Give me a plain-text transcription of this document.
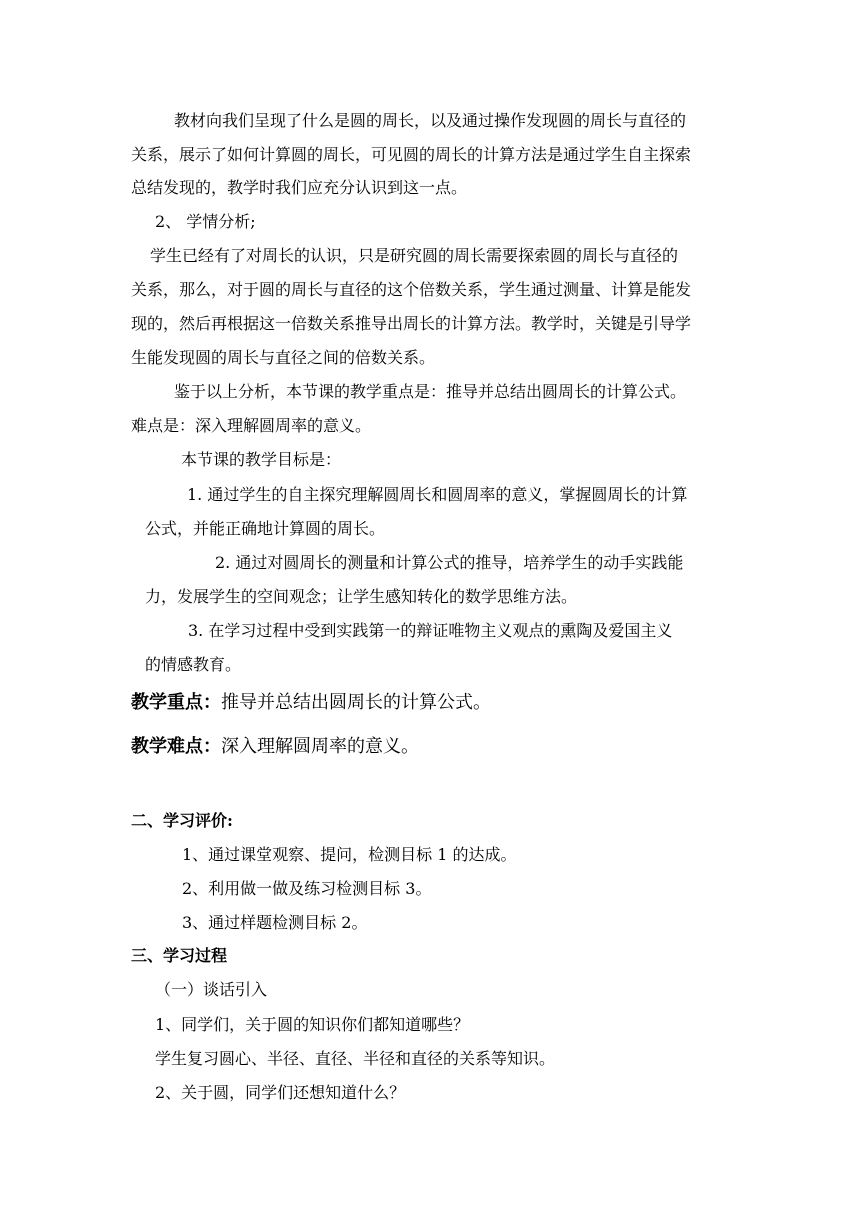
教材向我们呈现了什么是圆的周长，以及通过操作发现圆的周长与直径的
关系，展示了如何计算圆的周长，可见圆的周长的计算方法是通过学生自主探索
总结发现的，教学时我们应充分认识到这一点。
2、 学情分析;
学生已经有了对周长的认识，只是研究圆的周长需要探索圆的周长与直径的
关系，那么，对于圆的周长与直径的这个倍数关系，学生通过测量、计算是能发
现的，然后再根据这一倍数关系推导出周长的计算方法。教学时，关键是引导学
生能发现圆的周长与直径之间的倍数关系。
鉴于以上分析，本节课的教学重点是：推导并总结出圆周长的计算公式。
难点是：深入理解圆周率的意义。
本节课的教学目标是：
1. 通过学生的自主探究理解圆周长和圆周率的意义，掌握圆周长的计算
公式，并能正确地计算圆的周长。
2. 通过对圆周长的测量和计算公式的推导，培养学生的动手实践能
力，发展学生的空间观念；让学生感知转化的数学思维方法。
3. 在学习过程中受到实践第一的辩证唯物主义观点的熏陶及爱国主义
的情感教育。
教学重点：推导并总结出圆周长的计算公式。
教学难点：深入理解圆周率的意义。
二、学习评价:
1、通过课堂观察、提问，检测目标 1 的达成。
2、利用做一做及练习检测目标 3。
3、通过样题检测目标 2。
三、学习过程
（一）谈话引入
1、同学们，关于圆的知识你们都知道哪些？
学生复习圆心、半径、直径、半径和直径的关系等知识。
2、关于圆，同学们还想知道什么？
